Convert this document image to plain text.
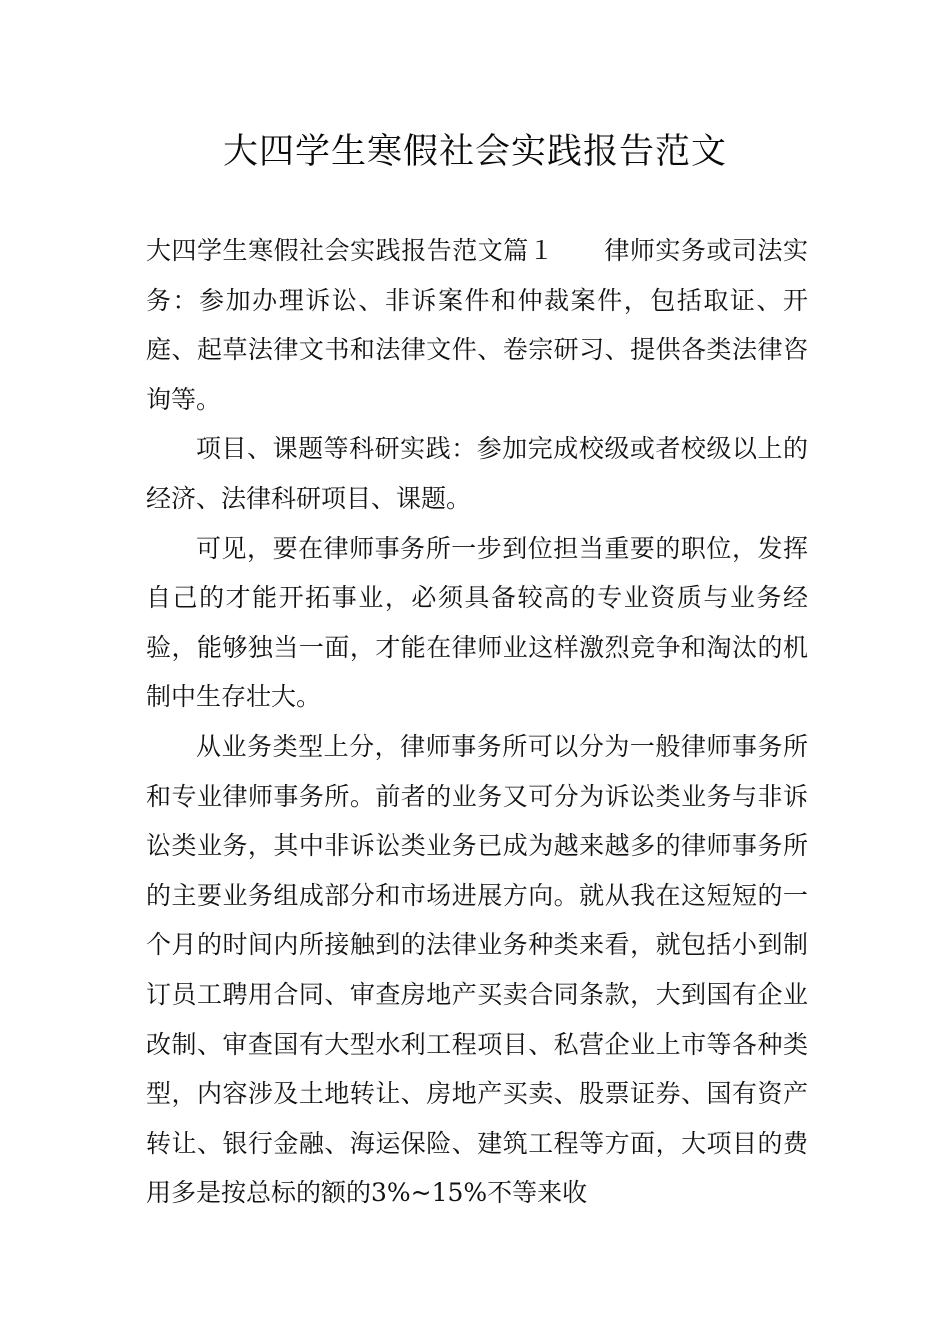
大四学生寒假社会实践报告范文

大四学生寒假社会实践报告范文篇１ 律师实务或司法实务：参加办理诉讼、非诉案件和仲裁案件，包括取证、开庭、起草法律文书和法律文件、卷宗研习、提供各类法律咨询等。

项目、课题等科研实践：参加完成校级或者校级以上的经济、法律科研项目、课题。

可见，要在律师事务所一步到位担当重要的职位，发挥自己的才能开拓事业，必须具备较高的专业资质与业务经验，能够独当一面，才能在律师业这样激烈竞争和淘汰的机制中生存壮大。

从业务类型上分，律师事务所可以分为一般律师事务所和专业律师事务所。前者的业务又可分为诉讼类业务与非诉讼类业务，其中非诉讼类业务已成为越来越多的律师事务所的主要业务组成部分和市场进展方向。就从我在这短短的一个月的时间内所接触到的法律业务种类来看，就包括小到制订员工聘用合同、审查房地产买卖合同条款，大到国有企业改制、审查国有大型水利工程项目、私营企业上市等各种类型，内容涉及土地转让、房地产买卖、股票证券、国有资产转让、银行金融、海运保险、建筑工程等方面，大项目的费用多是按总标的额的3%~15%不等来收
